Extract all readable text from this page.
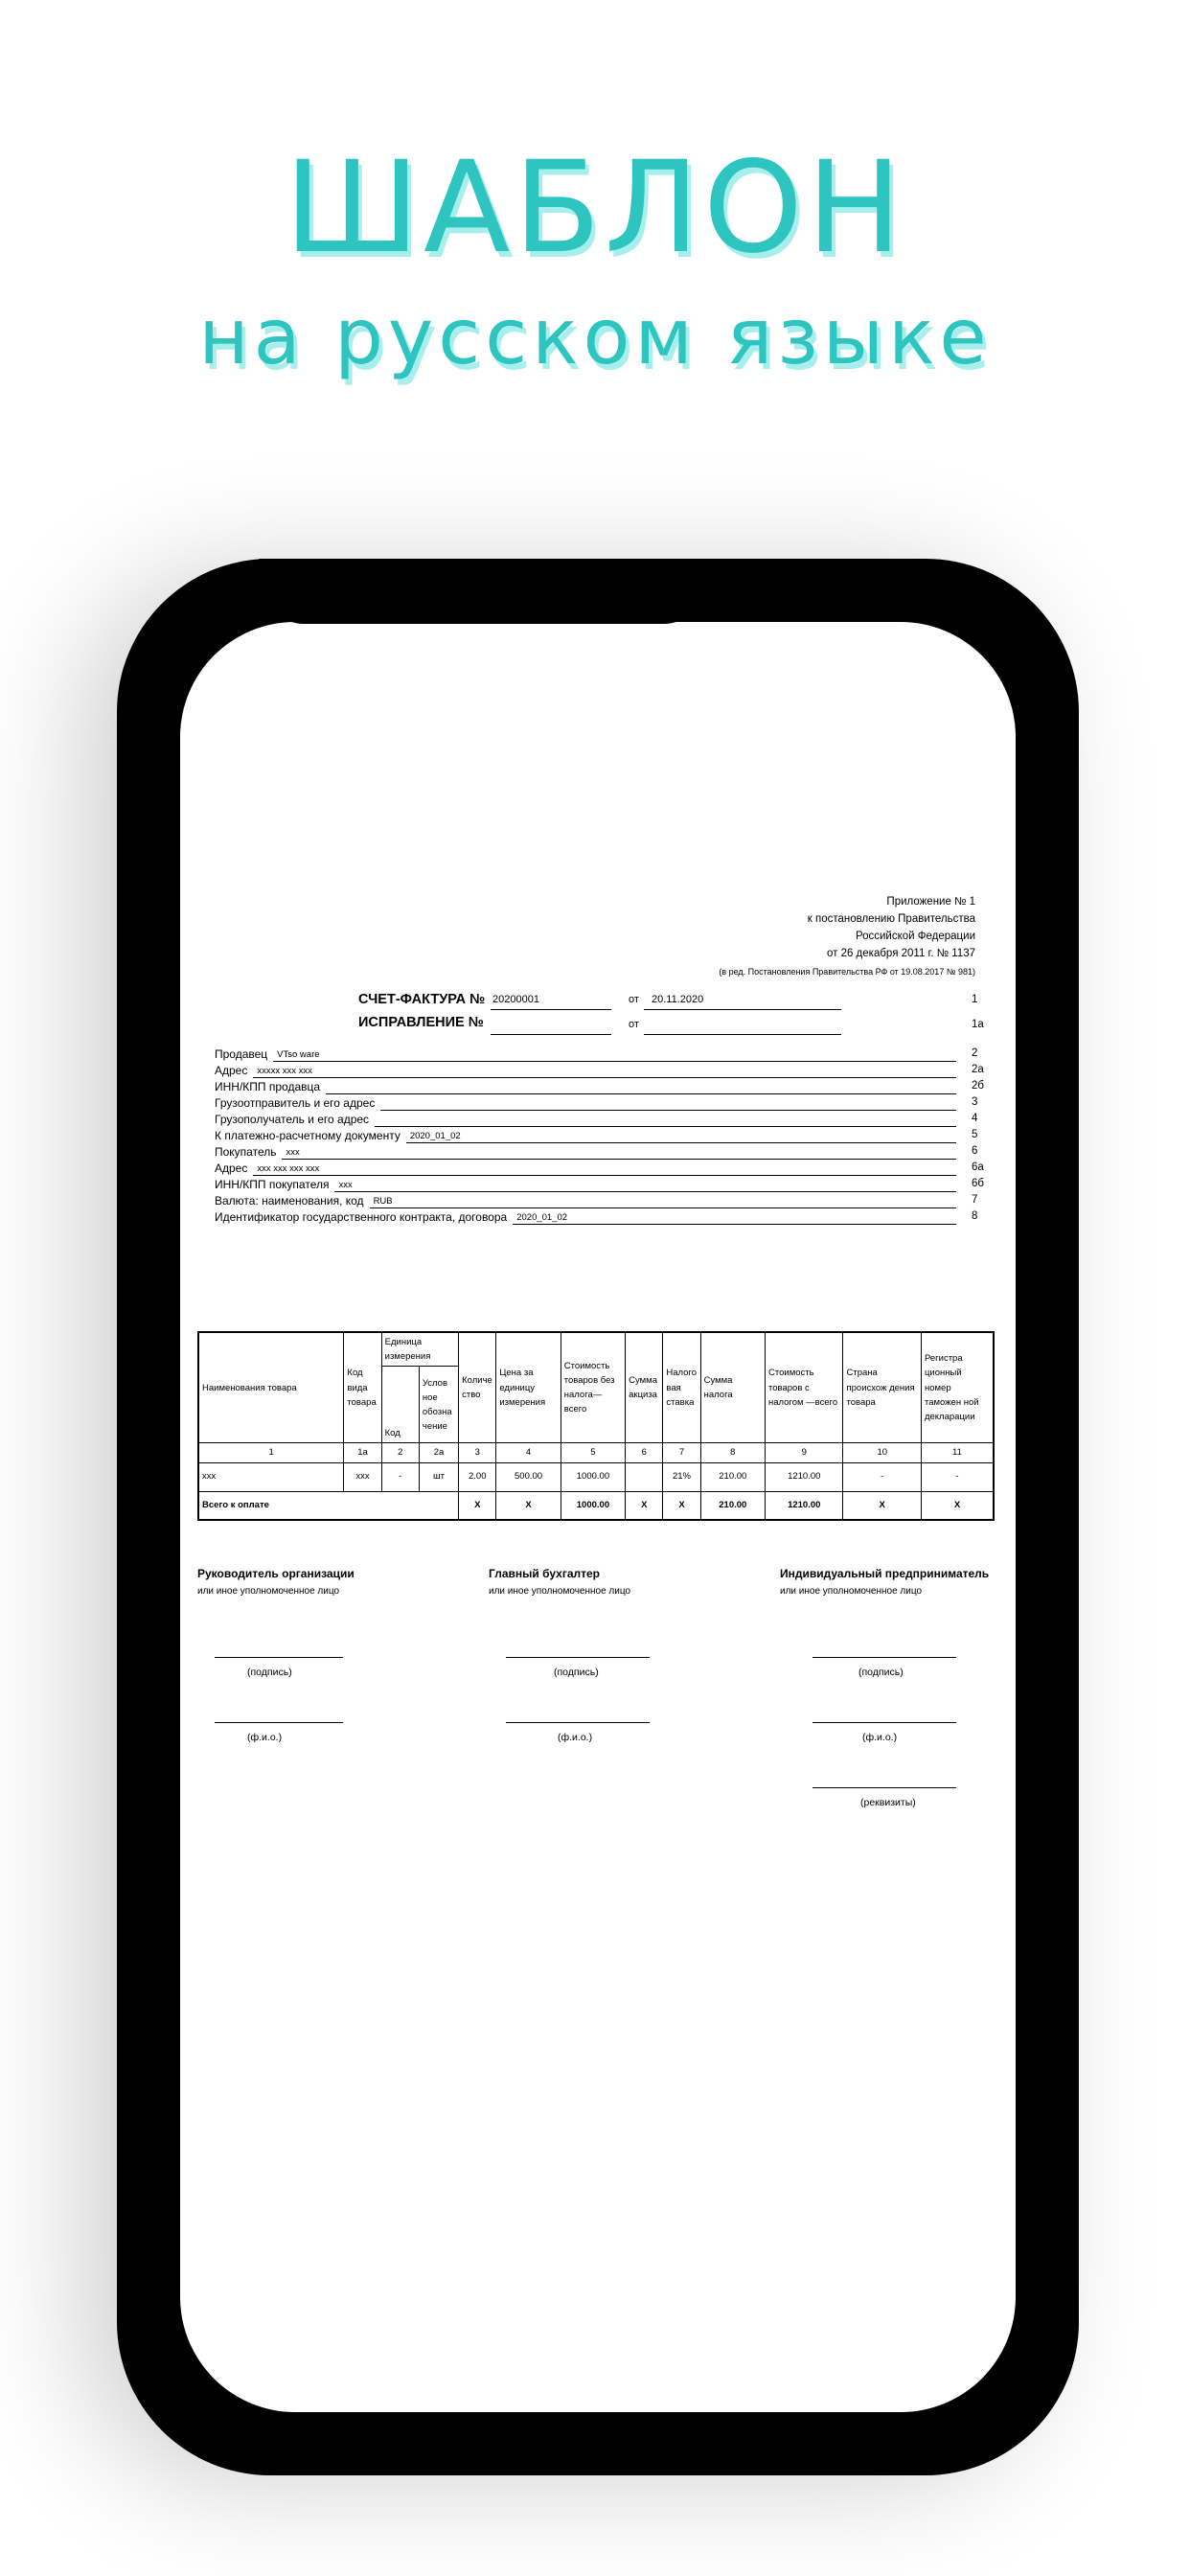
ШАБЛОН
на русском языке
Приложение № 1
к постановлению Правительства
Российской Федерации
от 26 декабря 2011 г. № 1137
(в ред. Постановления Правительства РФ от 19.08.2017 № 981)
СЧЕТ-ФАКТУРА № 20200001	от 20.11.2020	1
ИСПРАВЛЕНИЕ №	от	1а
Продавец VTso ware	2
Адрес xxxxx xxx xxx	2а
ИНН/КПП продавца	2б
Грузоотправитель и его адрес	3
Грузополучатель и его адрес	4
К платежно-расчетному документу 2020_01_02	5
Покупатель xxx	6
Адрес xxx xxx xxx xxx	6а
ИНН/КПП покупателя xxx	6б
Валюта: наименования, код RUB	7
Идентификатор государственного контракта, договора 2020_01_02	8
Наименования товара	Код вида товара	Единица измерения		Количе ство	Цена за единицу измерения	Стоимость товаров без налога— всего	Сумма акциза	Налого вая ставка	Сумма налога	Стоимость товаров с налогом —всего	Страна происхож дения товара	Регистра ционный номер таможен ной декларации
		Код	Услов ное обозна чение									
1	1а	2	2а	3	4	5	6	7	8	9	10	11
xxx	xxx	-	шт	2.00	500.00	1000.00		21%	210.00	1210.00	-	-
Всего к оплате				X	X	1000.00	X	X	210.00	1210.00	X	X
Руководитель организации
или иное уполномоченное лицо
Главный бухгалтер
или иное уполномоченное лицо
Индивидуальный предприниматель
или иное уполномоченное лицо
(подпись)
(ф.и.о.)
(подпись)
(ф.и.о.)
(подпись)
(ф.и.о.)
(реквизиты)
